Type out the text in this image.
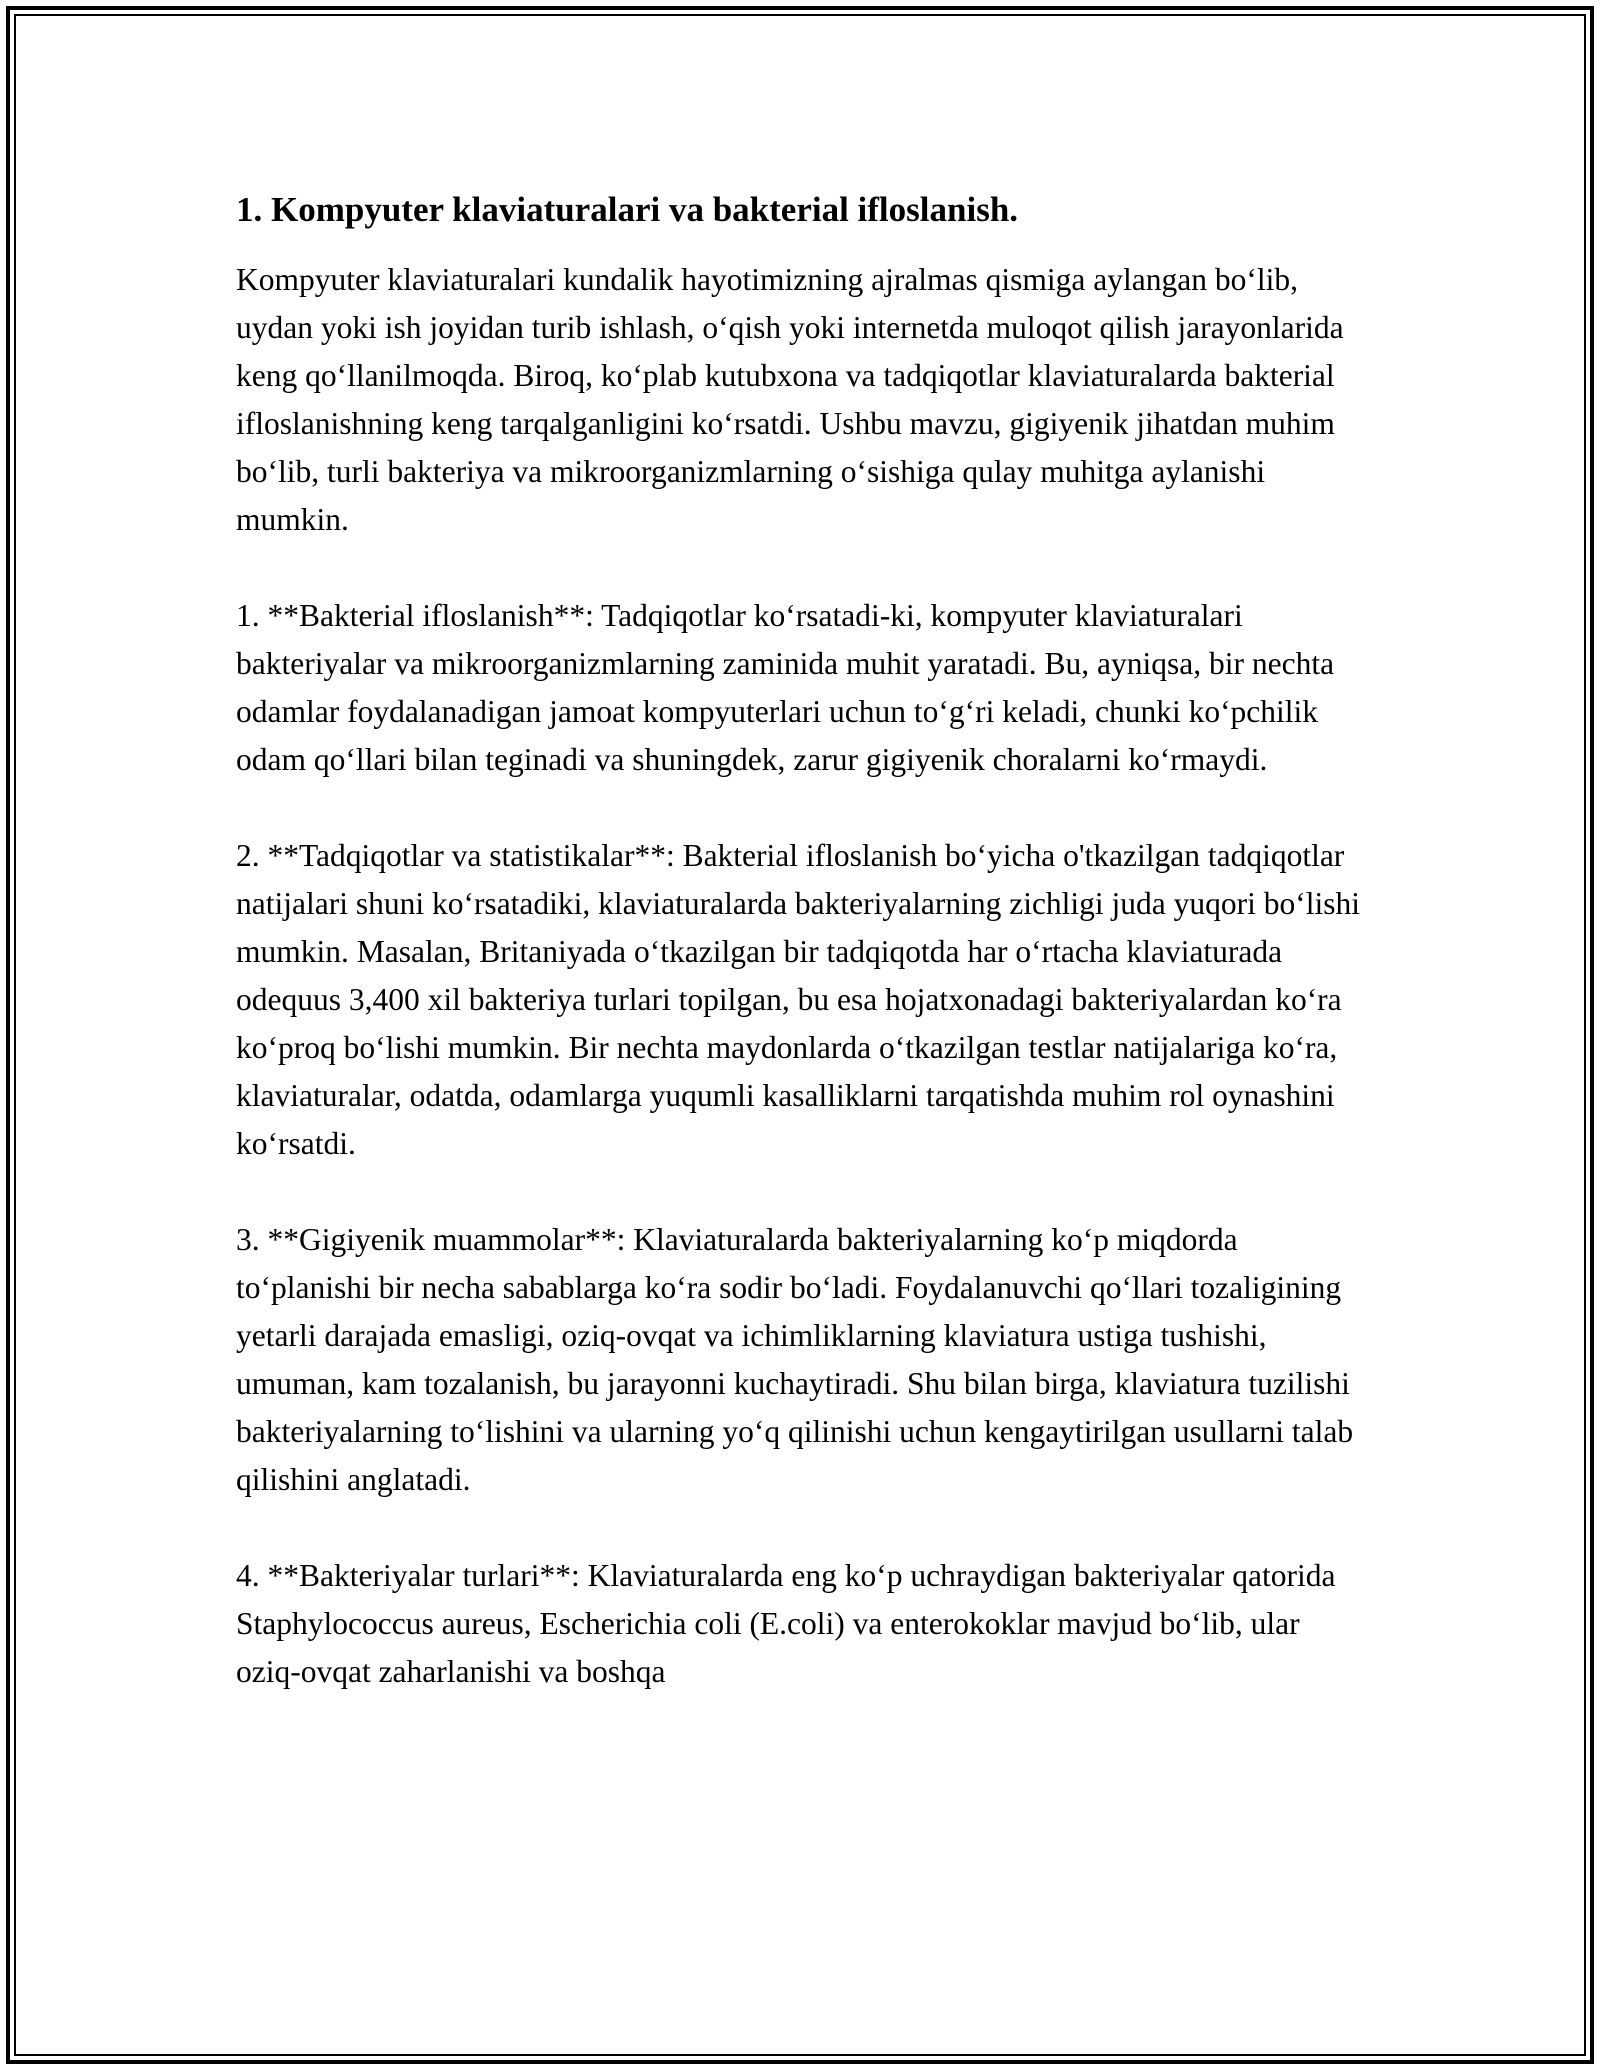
1. Kompyuter klaviaturalari va bakterial ifloslanish.

Kompyuter klaviaturalari kundalik hayotimizning ajralmas qismiga aylangan bo‘lib, uydan yoki ish joyidan turib ishlash, o‘qish yoki internetda muloqot qilish jarayonlarida keng qo‘llanilmoqda. Biroq, ko‘plab kutubxona va tadqiqotlar klaviaturalarda bakterial ifloslanishning keng tarqalganligini ko‘rsatdi. Ushbu mavzu, gigiyenik jihatdan muhim bo‘lib, turli bakteriya va mikroorganizmlarning o‘sishiga qulay muhitga aylanishi mumkin.

1. **Bakterial ifloslanish**: Tadqiqotlar ko‘rsatadi-ki, kompyuter klaviaturalari bakteriyalar va mikroorganizmlarning zaminida muhit yaratadi. Bu, ayniqsa, bir nechta odamlar foydalanadigan jamoat kompyuterlari uchun to‘g‘ri keladi, chunki ko‘pchilik odam qo‘llari bilan teginadi va shuningdek, zarur gigiyenik choralarni ko‘rmaydi.

2. **Tadqiqotlar va statistikalar**: Bakterial ifloslanish bo‘yicha o'tkazilgan tadqiqotlar natijalari shuni ko‘rsatadiki, klaviaturalarda bakteriyalarning zichligi juda yuqori bo‘lishi mumkin. Masalan, Britaniyada o‘tkazilgan bir tadqiqotda har o‘rtacha klaviaturada odequus 3,400 xil bakteriya turlari topilgan, bu esa hojatxonadagi bakteriyalardan ko‘ra ko‘proq bo‘lishi mumkin. Bir nechta maydonlarda o‘tkazilgan testlar natijalariga ko‘ra, klaviaturalar, odatda, odamlarga yuqumli kasalliklarni tarqatishda muhim rol oynashini ko‘rsatdi.

3. **Gigiyenik muammolar**: Klaviaturalarda bakteriyalarning ko‘p miqdorda to‘planishi bir necha sabablarga ko‘ra sodir bo‘ladi. Foydalanuvchi qo‘llari tozaligining yetarli darajada emasligi, oziq-ovqat va ichimliklarning klaviatura ustiga tushishi, umuman, kam tozalanish, bu jarayonni kuchaytiradi. Shu bilan birga, klaviatura tuzilishi bakteriyalarning to‘lishini va ularning yo‘q qilinishi uchun kengaytirilgan usullarni talab qilishini anglatadi.

4. **Bakteriyalar turlari**: Klaviaturalarda eng ko‘p uchraydigan bakteriyalar qatorida Staphylococcus aureus, Escherichia coli (E.coli) va enterokoklar mavjud bo‘lib, ular oziq-ovqat zaharlanishi va boshqa
